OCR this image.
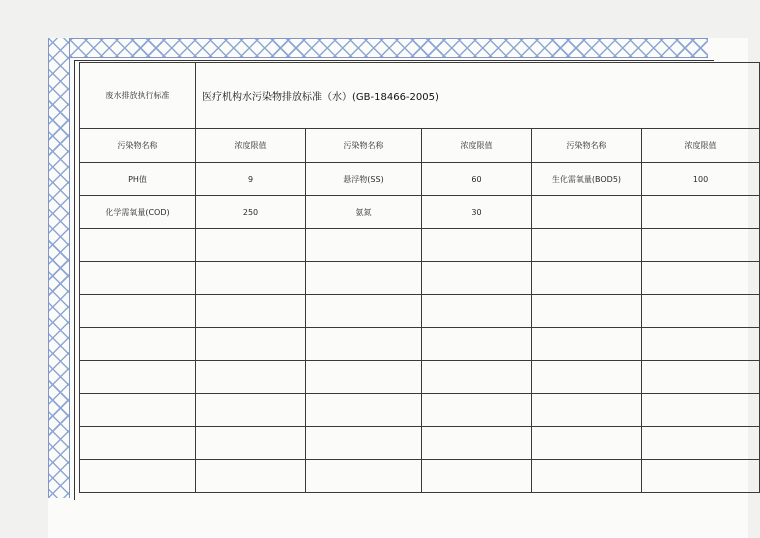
废水排放执行标准	医疗机构水污染物排放标准（水）(GB-18466-2005)				
污染物名称	浓度限值	污染物名称	浓度限值	污染物名称	浓度限值
PH值	9	悬浮物(SS)	60	生化需氧量(BOD5)	100
化学需氧量(COD)	250	氨氮	30		
